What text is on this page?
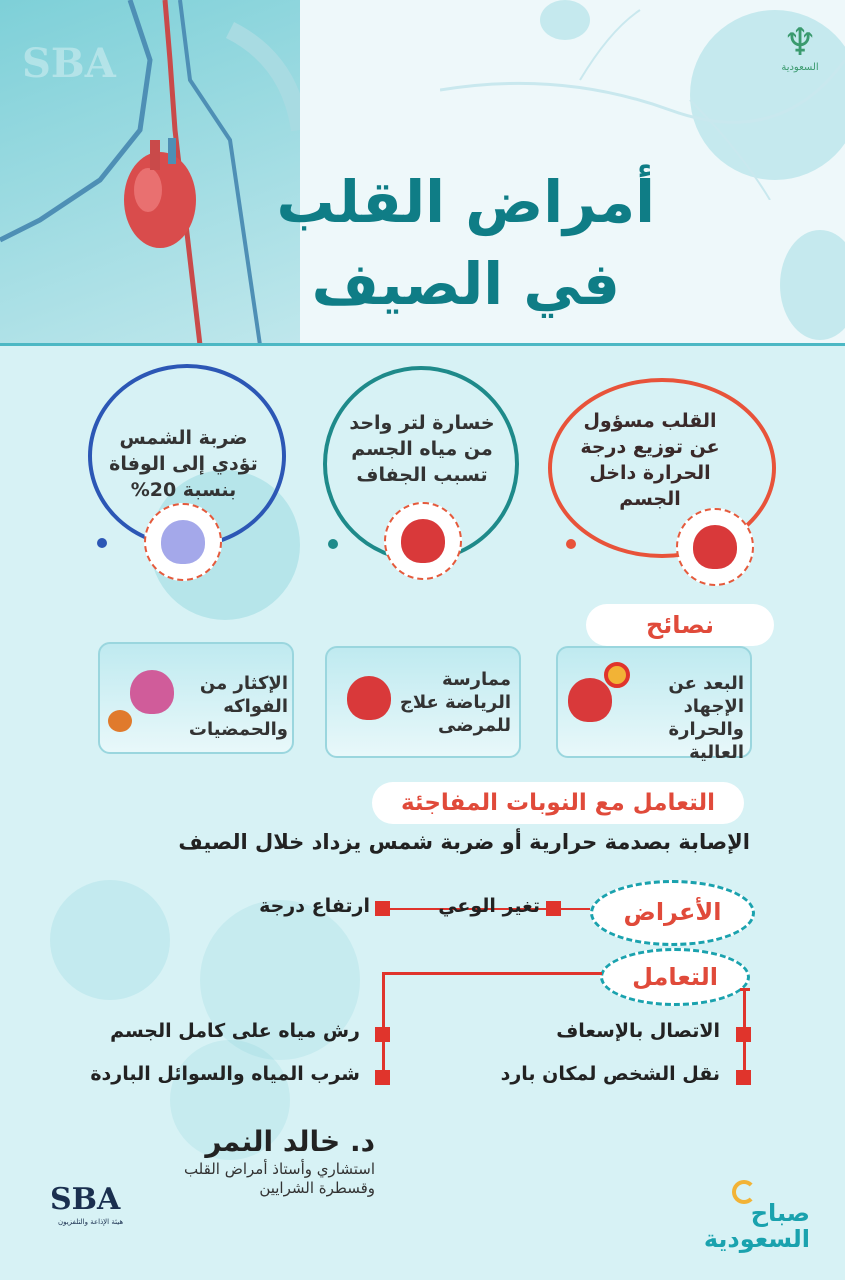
SBA	♆
السعودية
أمراض القلب
في الصيف
القلب مسؤول عن توزيع درجة الحرارة داخل الجسم
خسارة لتر واحد من مياه الجسم تسبب الجفاف
ضربة الشمس تؤدي إلى الوفاة بنسبة 20%
نصائح
البعد عن الإجهاد والحرارة العالية
ممارسة الرياضة علاج للمرضى
الإكثار من الفواكه والحمضيات
التعامل مع النوبات المفاجئة
الإصابة بصدمة حرارية أو ضربة شمس يزداد خلال الصيف
الأعراض
تغير الوعي
ارتفاع درجة
التعامل
الاتصال بالإسعاف
نقل الشخص لمكان بارد
رش مياه على كامل الجسم
شرب المياه والسوائل الباردة
د. خالد النمر
استشاري وأستاذ أمراض القلب وقسطرة الشرايين
SBA
هيئة الإذاعة والتلفزيون	صباح السعودية
